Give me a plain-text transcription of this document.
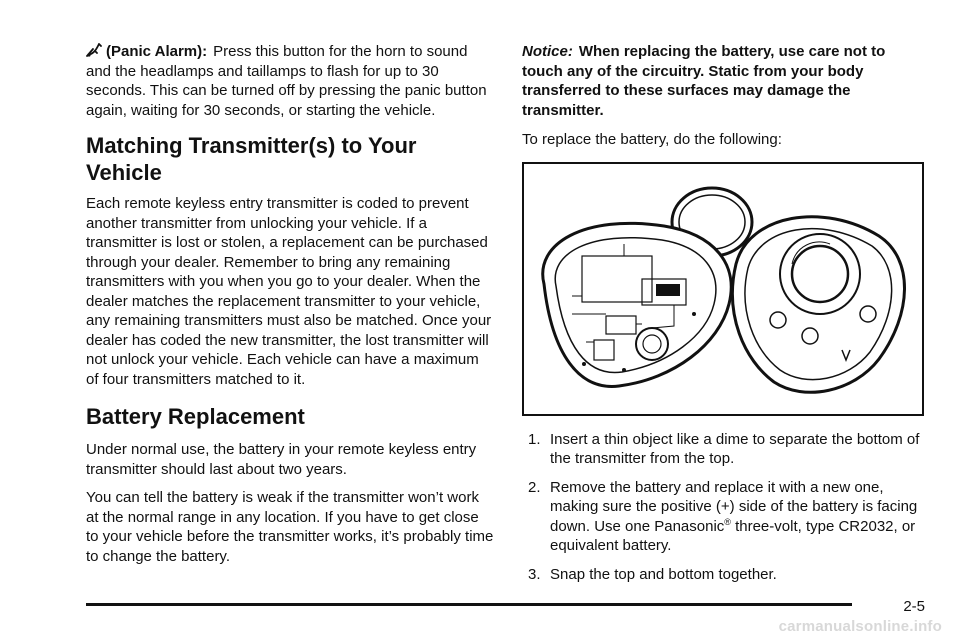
(Panic Alarm): Press this button for the horn to sound and the headlamps and taillamps to flash for up to 30 seconds. This can be turned off by pressing the panic button again, waiting for 30 seconds, or starting the vehicle.

Matching Transmitter(s) to Your
Vehicle

Each remote keyless entry transmitter is coded to prevent another transmitter from unlocking your vehicle. If a transmitter is lost or stolen, a replacement can be purchased through your dealer. Remember to bring any remaining transmitters with you when you go to your dealer. When the dealer matches the replacement transmitter to your vehicle, any remaining transmitters must also be matched. Once your dealer has coded the new transmitter, the lost transmitter will not unlock your vehicle. Each vehicle can have a maximum of four transmitters matched to it.

Battery Replacement

Under normal use, the battery in your remote keyless entry transmitter should last about two years.

You can tell the battery is weak if the transmitter won’t work at the normal range in any location. If you have to get close to your vehicle before the transmitter works, it’s probably time to change the battery.

Notice: When replacing the battery, use care not to touch any of the circuitry. Static from your body transferred to these surfaces may damage the transmitter.

To replace the battery, do the following:

1. Insert a thin object like a dime to separate the bottom of the transmitter from the top.
2. Remove the battery and replace it with a new one, making sure the positive (+) side of the battery is facing down. Use one Panasonic® three-volt, type CR2032, or equivalent battery.
3. Snap the top and bottom together.
2-5
carmanualsonline.info
